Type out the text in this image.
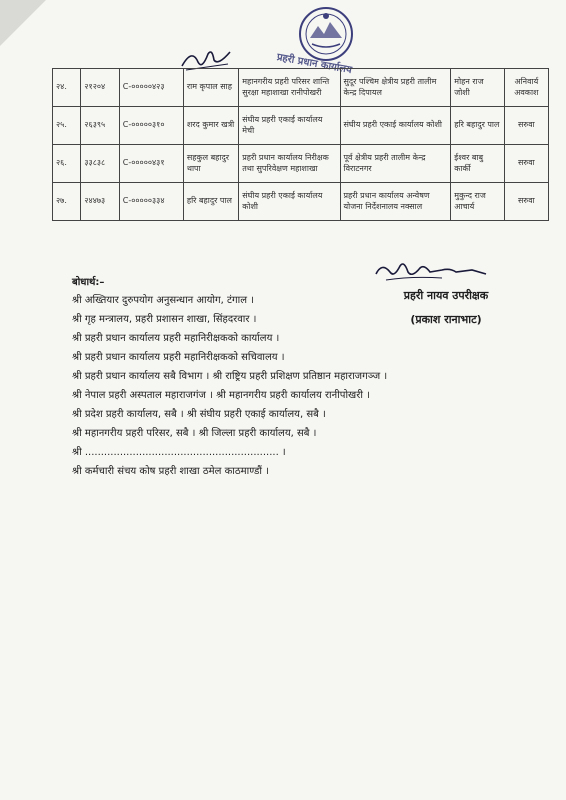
प्रहरी प्रधान कार्यालय
२४.	२१२०४	C-०००००४२३	राम कृपाल साह	महानगरीय प्रहरी परिसर शान्ति सुरक्षा महाशाखा रानीपोखरी	सुदूर पश्चिम क्षेत्रीय प्रहरी तालीम केन्द्र दिपायल	मोहन राज जोशी	अनिवार्य अवकाश
२५.	२६३९५	C-०००००३१०	शरद कुमार खत्री	संघीय प्रहरी एकाई कार्यालय मेची	संघीय प्रहरी एकाई कार्यालय कोशी	हरि बहादुर पाल	सरुवा
२६.	३३८३८	C-०००००४३१	सहकुल बहादुर थापा	प्रहरी प्रधान कार्यालय निरीक्षक तथा सुपरिवेक्षण महाशाखा	पूर्व क्षेत्रीय प्रहरी तालीम केन्द्र विराटनगर	ईश्वर बाबु कार्की	सरुवा
२७.	२४४७३	C-०००००३३४	हरि बहादुर पाल	संघीय प्रहरी एकाई कार्यालय कोशी	प्रहरी प्रधान कार्यालय अन्वेषण योजना निर्देशनालय नक्साल	मुकुन्द राज आचार्य	सरुवा
प्रहरी नायव उपरीक्षक
(प्रकाश रानाभाट)
बोधार्थ:–
श्री अख्तियार दुरुपयोग अनुसन्धान आयोग, टंगाल ।
श्री गृह मन्त्रालय, प्रहरी प्रशासन शाखा, सिंहदरवार ।
श्री प्रहरी प्रधान कार्यालय प्रहरी महानिरीक्षकको कार्यालय ।
श्री प्रहरी प्रधान कार्यालय प्रहरी महानिरीक्षकको सचिवालय ।
श्री प्रहरी प्रधान कार्यालय सबै विभाग । श्री राष्ट्रिय प्रहरी प्रशिक्षण प्रतिष्ठान महाराजगञ्ज ।
श्री नेपाल प्रहरी अस्पताल महाराजगंज । श्री महानगरीय प्रहरी कार्यालय रानीपोखरी ।
श्री प्रदेश प्रहरी कार्यालय, सबै । श्री संघीय प्रहरी एकाई कार्यालय, सबै ।
श्री महानगरीय प्रहरी परिसर, सबै । श्री जिल्ला प्रहरी कार्यालय, सबै ।
श्री ............................................................. ।
श्री कर्मचारी संचय कोष प्रहरी शाखा ठमेल काठमाण्डौं ।
